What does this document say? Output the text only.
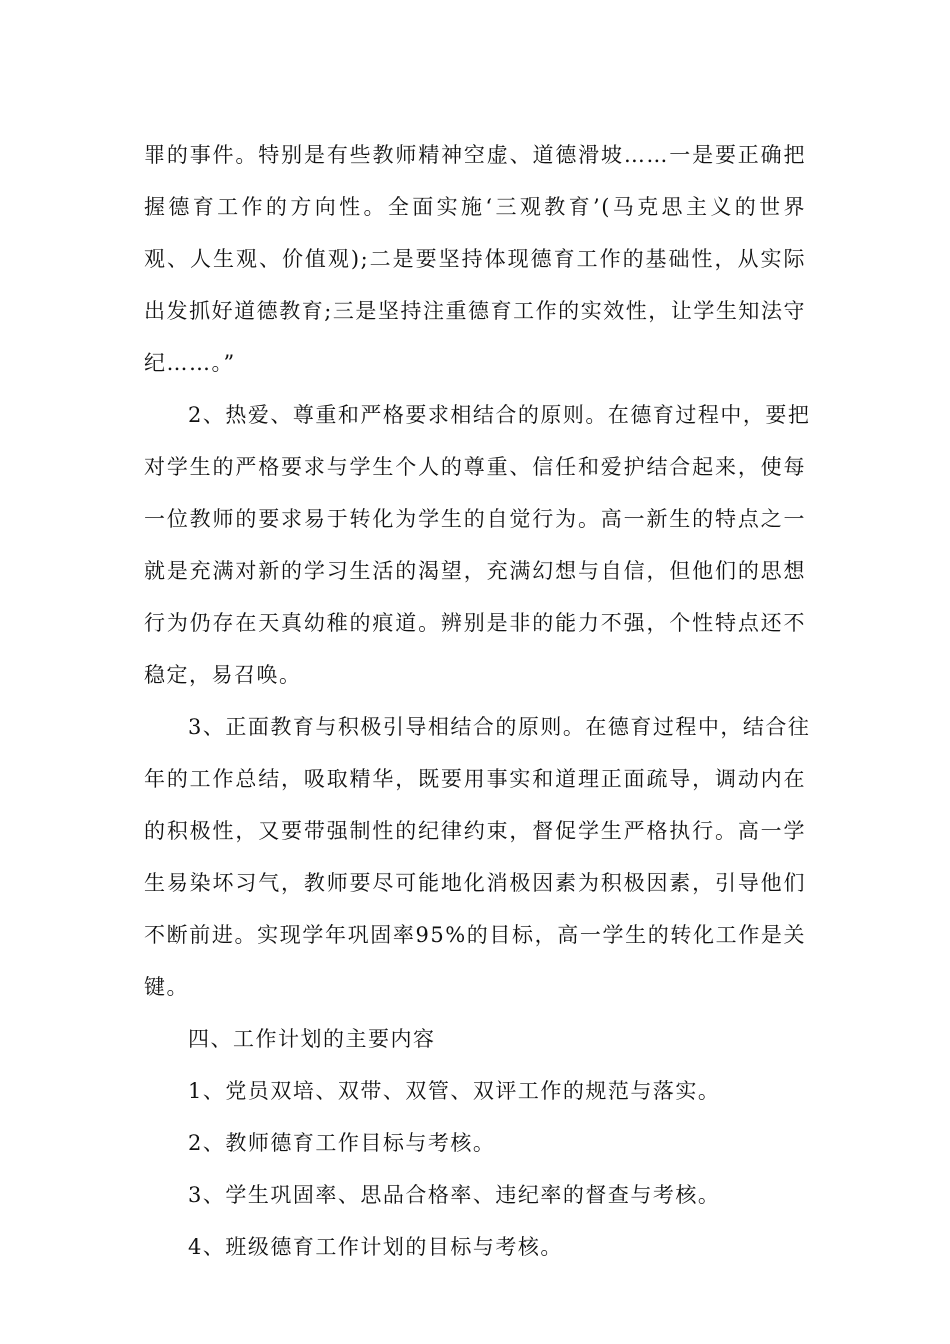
罪的事件。特别是有些教师精神空虚、道德滑坡……一是要正确把
握德育工作的方向性。全面实施‘三观教育’(马克思主义的世界
观、人生观、价值观);二是要坚持体现德育工作的基础性，从实际
出发抓好道德教育;三是坚持注重德育工作的实效性，让学生知法守
纪……。”

2、热爱、尊重和严格要求相结合的原则。在德育过程中，要把
对学生的严格要求与学生个人的尊重、信任和爱护结合起来，使每
一位教师的要求易于转化为学生的自觉行为。高一新生的特点之一
就是充满对新的学习生活的渴望，充满幻想与自信，但他们的思想
行为仍存在天真幼稚的痕道。辨别是非的能力不强，个性特点还不
稳定，易召唤。

3、正面教育与积极引导相结合的原则。在德育过程中，结合往
年的工作总结，吸取精华，既要用事实和道理正面疏导，调动内在
的积极性，又要带强制性的纪律约束，督促学生严格执行。高一学
生易染坏习气，教师要尽可能地化消极因素为积极因素，引导他们
不断前进。实现学年巩固率95%的目标，高一学生的转化工作是关
键。

四、工作计划的主要内容

1、党员双培、双带、双管、双评工作的规范与落实。

2、教师德育工作目标与考核。

3、学生巩固率、思品合格率、违纪率的督查与考核。

4、班级德育工作计划的目标与考核。
